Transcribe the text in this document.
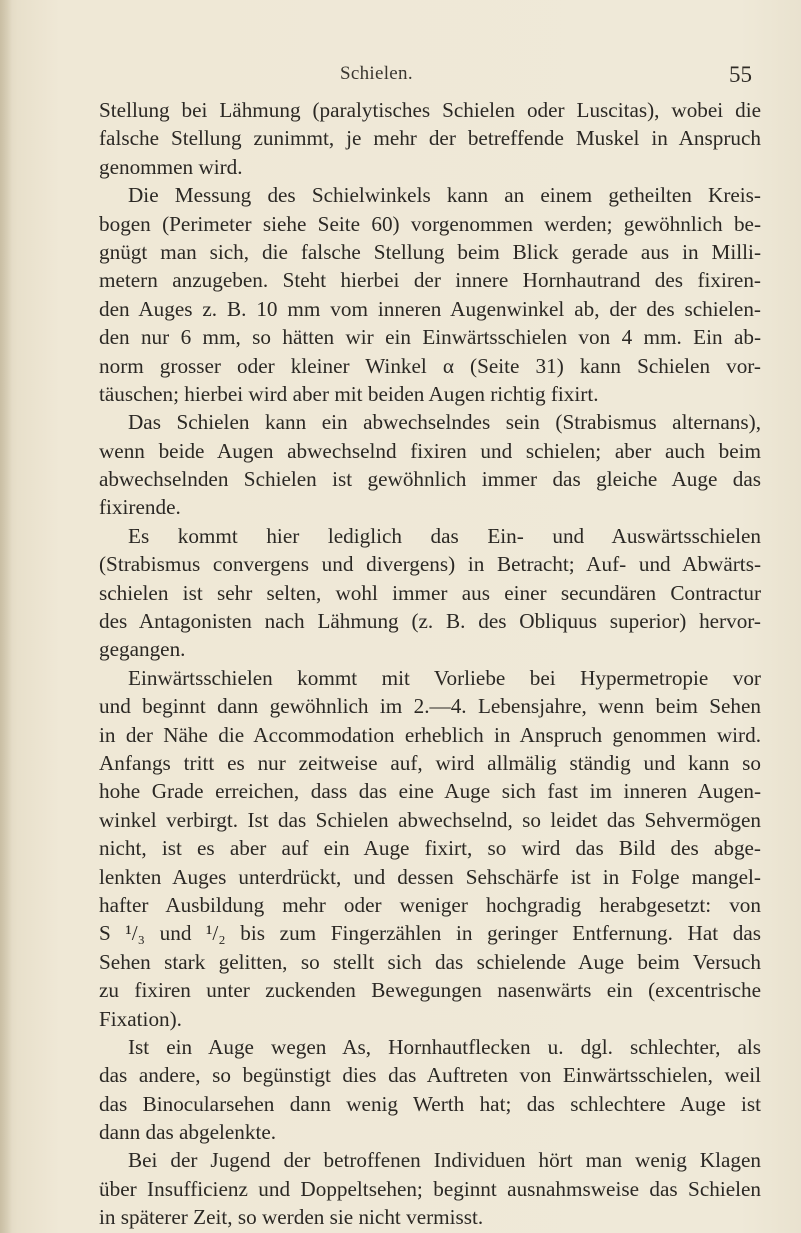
Schielen.	55
Stellung bei Lähmung (paralytisches Schielen oder Luscitas), wobei die
falsche Stellung zunimmt, je mehr der betreffende Muskel in Anspruch
genommen wird.
Die Messung des Schielwinkels kann an einem getheilten Kreis-
bogen (Perimeter siehe Seite 60) vorgenommen werden; gewöhnlich be-
gnügt man sich, die falsche Stellung beim Blick gerade aus in Milli-
metern anzugeben. Steht hierbei der innere Hornhautrand des fixiren-
den Auges z. B. 10 mm vom inneren Augenwinkel ab, der des schielen-
den nur 6 mm, so hätten wir ein Einwärtsschielen von 4 mm. Ein ab-
norm grosser oder kleiner Winkel α (Seite 31) kann Schielen vor-
täuschen; hierbei wird aber mit beiden Augen richtig fixirt.
Das Schielen kann ein abwechselndes sein (Strabismus alternans),
wenn beide Augen abwechselnd fixiren und schielen; aber auch beim
abwechselnden Schielen ist gewöhnlich immer das gleiche Auge das
fixirende.
Es kommt hier lediglich das Ein- und Auswärtsschielen
(Strabismus convergens und divergens) in Betracht; Auf- und Abwärts-
schielen ist sehr selten, wohl immer aus einer secundären Contractur
des Antagonisten nach Lähmung (z. B. des Obliquus superior) hervor-
gegangen.
Einwärtsschielen kommt mit Vorliebe bei Hypermetropie vor
und beginnt dann gewöhnlich im 2.—4. Lebensjahre, wenn beim Sehen
in der Nähe die Accommodation erheblich in Anspruch genommen wird.
Anfangs tritt es nur zeitweise auf, wird allmälig ständig und kann so
hohe Grade erreichen, dass das eine Auge sich fast im inneren Augen-
winkel verbirgt. Ist das Schielen abwechselnd, so leidet das Sehvermögen
nicht, ist es aber auf ein Auge fixirt, so wird das Bild des abge-
lenkten Auges unterdrückt, und dessen Sehschärfe ist in Folge mangel-
hafter Ausbildung mehr oder weniger hochgradig herabgesetzt: von
S ¹/₃ und ¹/₂ bis zum Fingerzählen in geringer Entfernung. Hat das
Sehen stark gelitten, so stellt sich das schielende Auge beim Versuch
zu fixiren unter zuckenden Bewegungen nasenwärts ein (excentrische
Fixation).
Ist ein Auge wegen As, Hornhautflecken u. dgl. schlechter, als
das andere, so begünstigt dies das Auftreten von Einwärtsschielen, weil
das Binocularsehen dann wenig Werth hat; das schlechtere Auge ist
dann das abgelenkte.
Bei der Jugend der betroffenen Individuen hört man wenig Klagen
über Insufficienz und Doppeltsehen; beginnt ausnahmsweise das Schielen
in späterer Zeit, so werden sie nicht vermisst.
